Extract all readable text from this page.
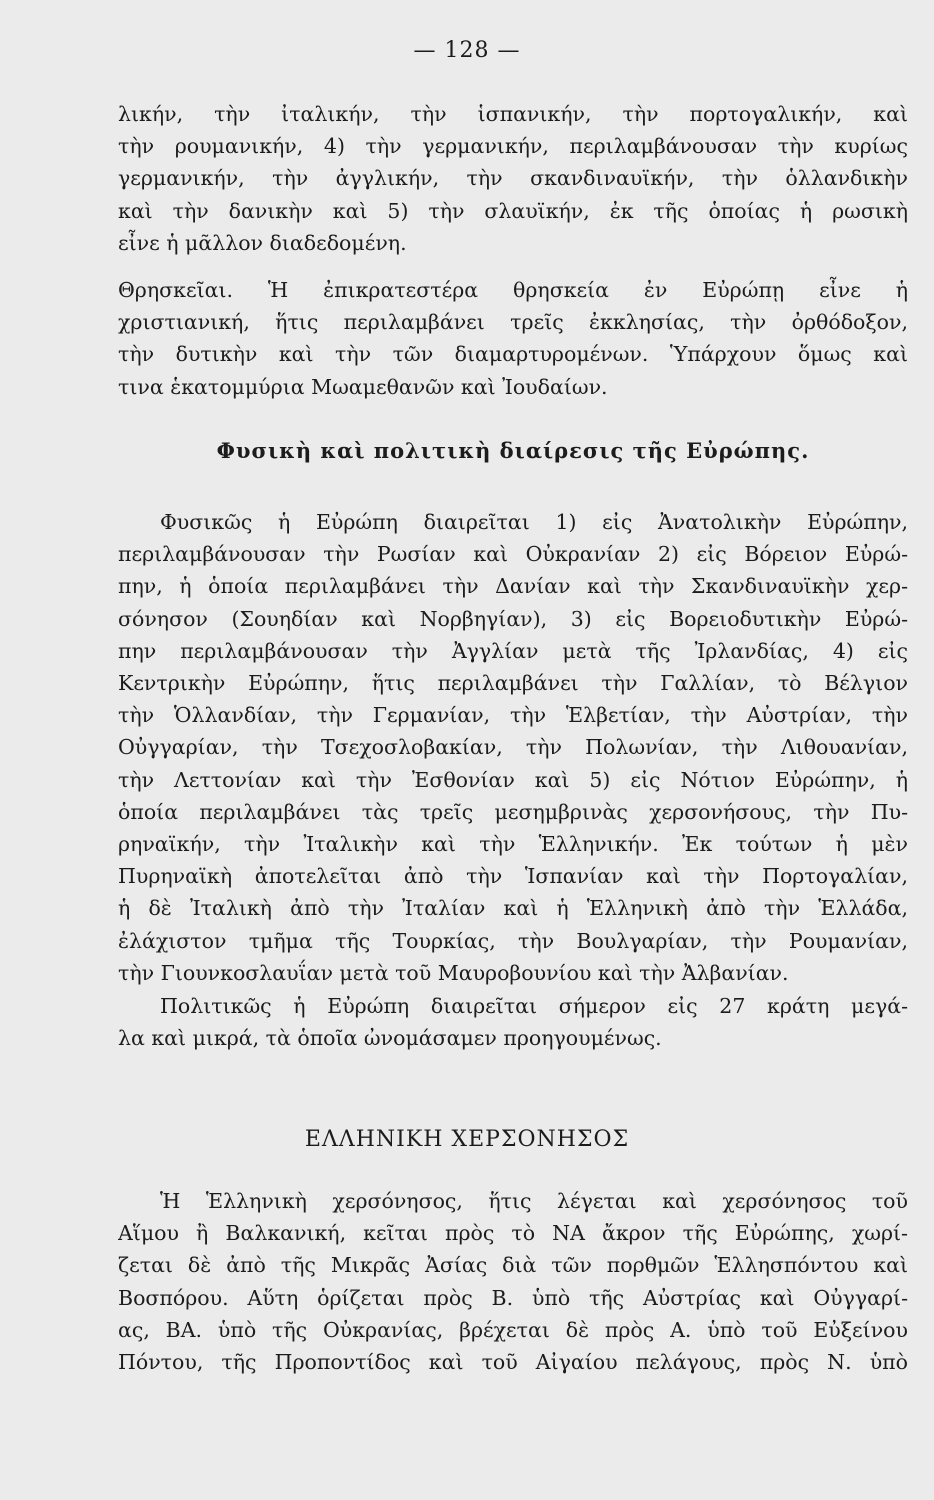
— 128 —
λικήν, τὴν ἰταλικήν, τὴν ἱσπανικήν, τὴν πορτογαλικήν, καὶ
τὴν ρουμανικήν, 4) τὴν γερμανικήν, περιλαμβάνουσαν τὴν κυρίως
γερμανικήν, τὴν ἀγγλικήν, τὴν σκανδιναυϊκήν, τὴν ὁλλανδικὴν
καὶ τὴν δανικὴν καὶ 5) τὴν σλαυϊκήν, ἐκ τῆς ὁποίας ἡ ρωσικὴ
εἶνε ἡ μᾶλλον διαδεδομένη.
Θρησκεῖαι. Ἡ ἐπικρατεστέρα θρησκεία ἐν Εὐρώπῃ εἶνε ἡ
χριστιανική, ἥτις περιλαμβάνει τρεῖς ἐκκλησίας, τὴν ὀρθόδοξον,
τὴν δυτικὴν καὶ τὴν τῶν διαμαρτυρομένων. Ὑπάρχουν ὅμως καὶ
τινα ἑκατομμύρια Μωαμεθανῶν καὶ Ἰουδαίων.
Φυσικὴ καὶ πολιτικὴ διαίρεσις τῆς Εὐρώπης.
Φυσικῶς ἡ Εὐρώπη διαιρεῖται 1) εἰς Ἀνατολικὴν Εὐρώπην,
περιλαμβάνουσαν τὴν Ρωσίαν καὶ Οὐκρανίαν 2) εἰς Βόρειον Εὐρώ-
πην, ἡ ὁποία περιλαμβάνει τὴν Δανίαν καὶ τὴν Σκανδιναυϊκὴν χερ-
σόνησον (Σουηδίαν καὶ Νορβηγίαν), 3) εἰς Βορειοδυτικὴν Εὐρώ-
πην περιλαμβάνουσαν τὴν Ἀγγλίαν μετὰ τῆς Ἰρλανδίας, 4) εἰς
Κεντρικὴν Εὐρώπην, ἥτις περιλαμβάνει τὴν Γαλλίαν, τὸ Βέλγιον
τὴν Ὁλλανδίαν, τὴν Γερμανίαν, τὴν Ἑλβετίαν, τὴν Αὐστρίαν, τὴν
Οὐγγαρίαν, τὴν Τσεχοσλοβακίαν, τὴν Πολωνίαν, τὴν Λιθουανίαν,
τὴν Λεττονίαν καὶ τὴν Ἐσθονίαν καὶ 5) εἰς Νότιον Εὐρώπην, ἡ
ὁποία περιλαμβάνει τὰς τρεῖς μεσημβρινὰς χερσονήσους, τὴν Πυ-
ρηναϊκήν, τὴν Ἰταλικὴν καὶ τὴν Ἑλληνικήν. Ἐκ τούτων ἡ μὲν
Πυρηναϊκὴ ἀποτελεῖται ἀπὸ τὴν Ἱσπανίαν καὶ τὴν Πορτογαλίαν,
ἡ δὲ Ἰταλικὴ ἀπὸ τὴν Ἰταλίαν καὶ ἡ Ἑλληνικὴ ἀπὸ τὴν Ἑλλάδα,
ἐλάχιστον τμῆμα τῆς Τουρκίας, τὴν Βουλγαρίαν, τὴν Ρουμανίαν,
τὴν Γιουνκοσλαυΐαν μετὰ τοῦ Μαυροβουνίου καὶ τὴν Ἀλβανίαν.
Πολιτικῶς ἡ Εὐρώπη διαιρεῖται σήμερον εἰς 27 κράτη μεγά-
λα καὶ μικρά, τὰ ὁποῖα ὠνομάσαμεν προηγουμένως.
ΕΛΛΗΝΙΚΗ ΧΕΡΣΟΝΗΣΟΣ
Ἡ Ἑλληνικὴ χερσόνησος, ἥτις λέγεται καὶ χερσόνησος τοῦ
Αἵμου ἢ Βαλκανική, κεῖται πρὸς τὸ ΝΑ ἄκρον τῆς Εὐρώπης, χωρί-
ζεται δὲ ἀπὸ τῆς Μικρᾶς Ἀσίας διὰ τῶν πορθμῶν Ἑλλησπόντου καὶ
Βοσπόρου. Αὕτη ὁρίζεται πρὸς Β. ὑπὸ τῆς Αὐστρίας καὶ Οὐγγαρί-
ας, ΒΑ. ὑπὸ τῆς Οὐκρανίας, βρέχεται δὲ πρὸς Α. ὑπὸ τοῦ Εὐξείνου
Πόντου, τῆς Προποντίδος καὶ τοῦ Αἰγαίου πελάγους, πρὸς Ν. ὑπὸ
